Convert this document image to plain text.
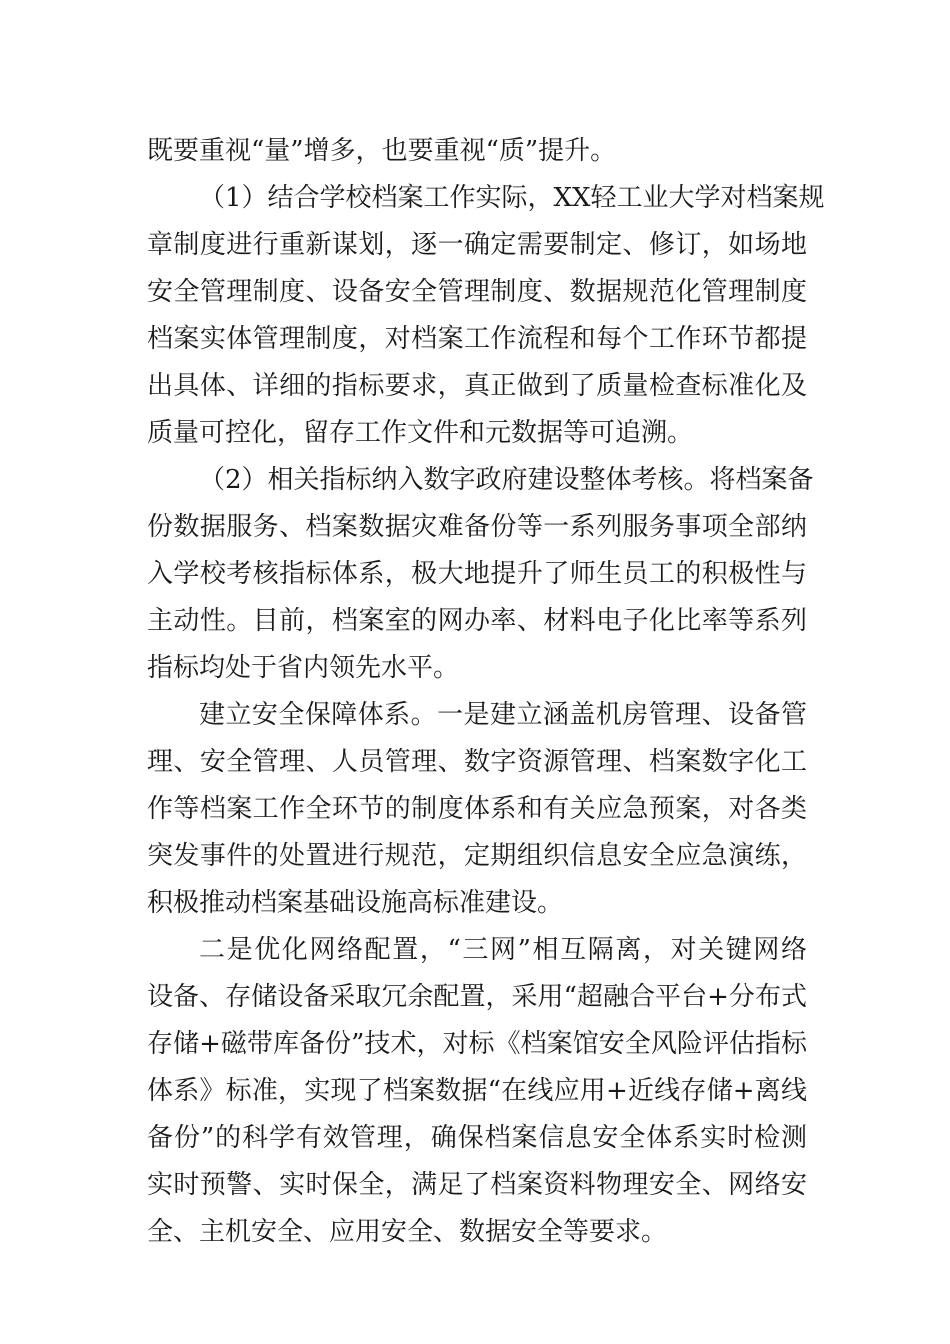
既要重视“量”增多，也要重视“质”提升。
（1）结合学校档案工作实际，XX轻工业大学对档案规
章制度进行重新谋划，逐一确定需要制定、修订，如场地
安全管理制度、设备安全管理制度、数据规范化管理制度
档案实体管理制度，对档案工作流程和每个工作环节都提
出具体、详细的指标要求，真正做到了质量检查标准化及
质量可控化，留存工作文件和元数据等可追溯。
（2）相关指标纳入数字政府建设整体考核。将档案备
份数据服务、档案数据灾难备份等一系列服务事项全部纳
入学校考核指标体系，极大地提升了师生员工的积极性与
主动性。目前，档案室的网办率、材料电子化比率等系列
指标均处于省内领先水平。
建立安全保障体系。一是建立涵盖机房管理、设备管
理、安全管理、人员管理、数字资源管理、档案数字化工
作等档案工作全环节的制度体系和有关应急预案，对各类
突发事件的处置进行规范，定期组织信息安全应急演练，
积极推动档案基础设施高标准建设。
二是优化网络配置，“三网”相互隔离，对关键网络
设备、存储设备采取冗余配置，采用“超融合平台+分布式
存储+磁带库备份”技术，对标《档案馆安全风险评估指标
体系》标准，实现了档案数据“在线应用+近线存储+离线
备份”的科学有效管理，确保档案信息安全体系实时检测
实时预警、实时保全，满足了档案资料物理安全、网络安
全、主机安全、应用安全、数据安全等要求。
